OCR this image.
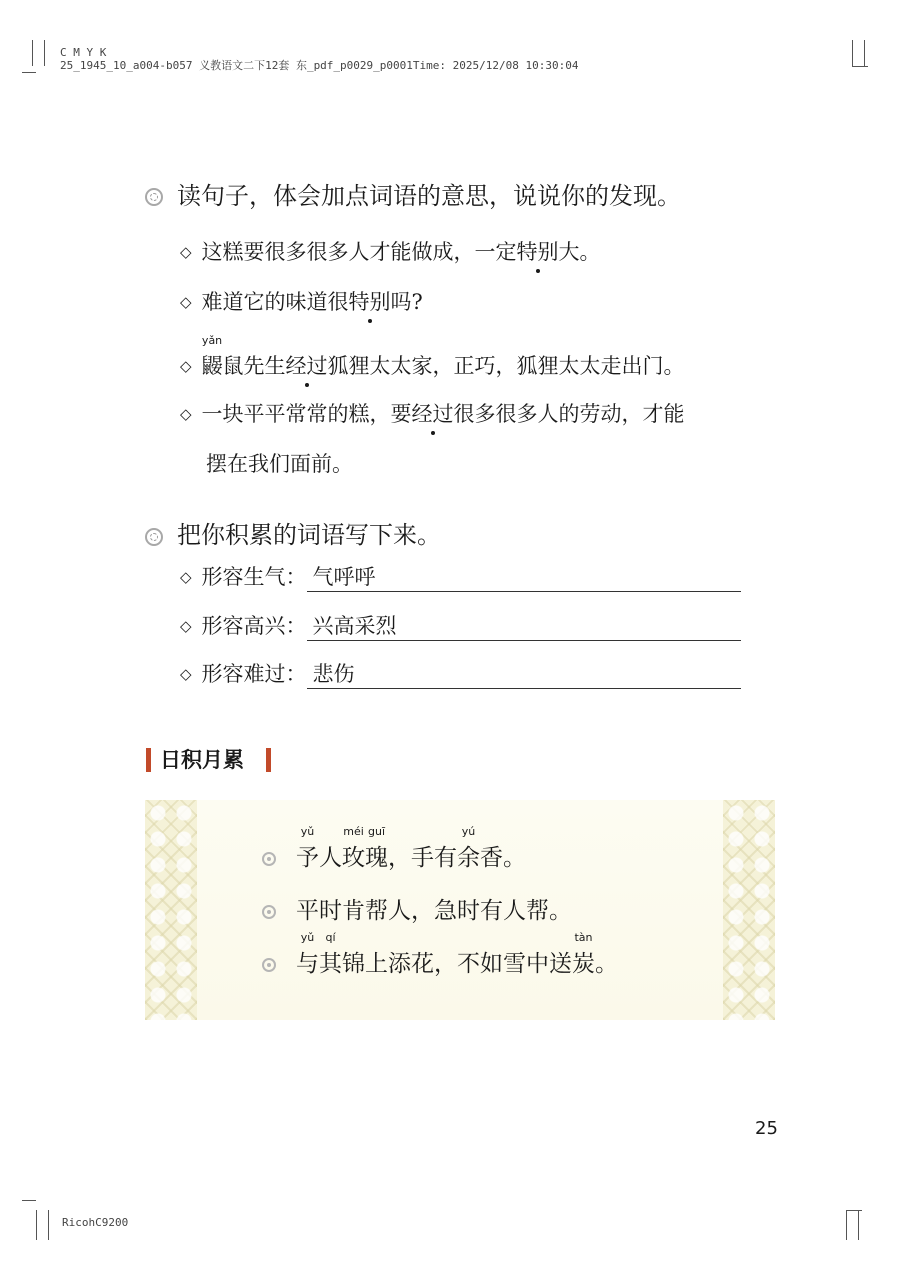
C M Y K
25_1945_10_a004-b057 义教语文二下12套 东_pdf_p0029_p0001Time: 2025/12/08 10:30:04
读句子，体会加点词语的意思，说说你的发现。
◇ 这糕要很多很多人才能做成，一定特别大。
◇ 难道它的味道很特别吗?
◇
yǎn
鼹鼠先生经过狐狸太太家，正巧，狐狸太太走出门。
◇ 一块平平常常的糕，要经过很多很多人的劳动，才能
摆在我们面前。
把你积累的词语写下来。
◇ 形容生气： 气呼呼
◇ 形容高兴： 兴高采烈
◇ 形容难过： 悲伤
日积月累
yǔ
予人
méi
玫
guī
瑰，手有
yú
余香。
平时肯帮人，急时有人帮。
yǔ
与
qí
其锦上添花，不如雪中送
tàn
炭。
25
RicohC9200
